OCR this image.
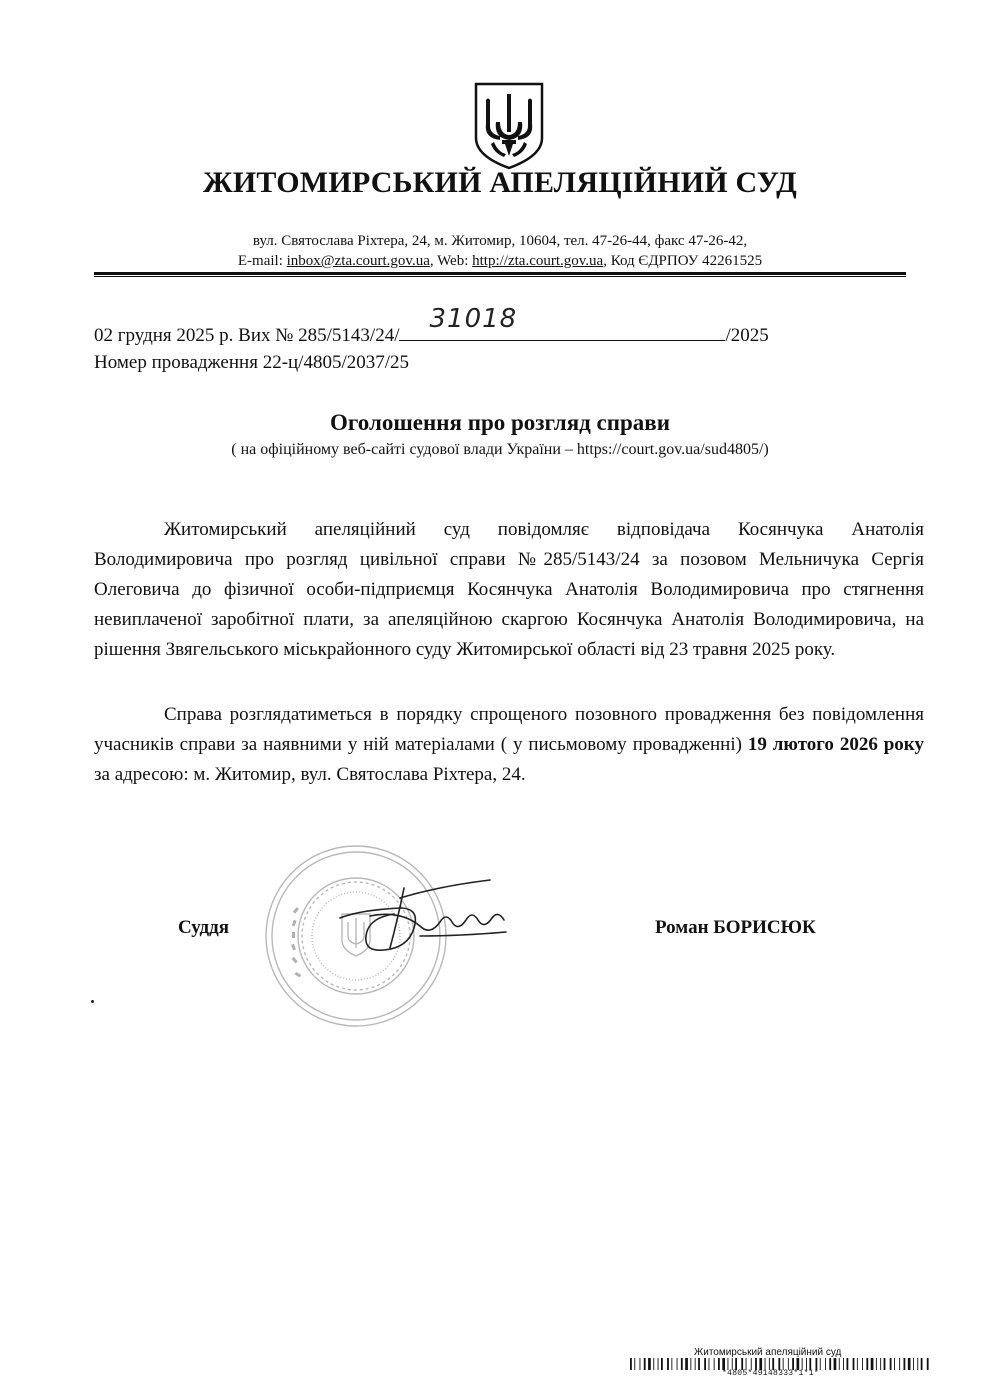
ЖИТОМИРСЬКИЙ АПЕЛЯЦІЙНИЙ СУД
вул. Святослава Ріхтера, 24, м. Житомир, 10604, тел. 47-26-44, факс 47-26-42,
E-mail: inbox@zta.court.gov.ua, Web: http://zta.court.gov.ua, Код ЄДРПОУ 42261525
02 грудня 2025 р. Вих № 285/5143/24/
31018
/2025
Номер провадження 22-ц/4805/2037/25
Оголошення про розгляд справи
( на офіційному веб-сайті судової влади України – https://court.gov.ua/sud4805/)
Житомирський апеляційний суд повідомляє відповідача Косянчука Анатолія Володимировича про розгляд цивільної справи №285/5143/24 за позовом Мельничука Сергія Олеговича до фізичної особи-підприємця Косянчука Анатолія Володимировича про стягнення невиплаченої заробітної плати, за апеляційною скаргою Косянчука Анатолія Володимировича, на рішення Звягельського міськрайонного суду Житомирської області від 23 травня 2025 року.
Справа розглядатиметься в порядку спрощеного позовного провадження без повідомлення учасників справи за наявними у ній матеріалами ( у письмовому провадженні) 19 лютого 2026 року за адресою: м. Житомир, вул. Святослава Ріхтера, 24.
Суддя	Роман БОРИСЮК
Житомирський апеляційний суд
*4805*49148333*1*1*
